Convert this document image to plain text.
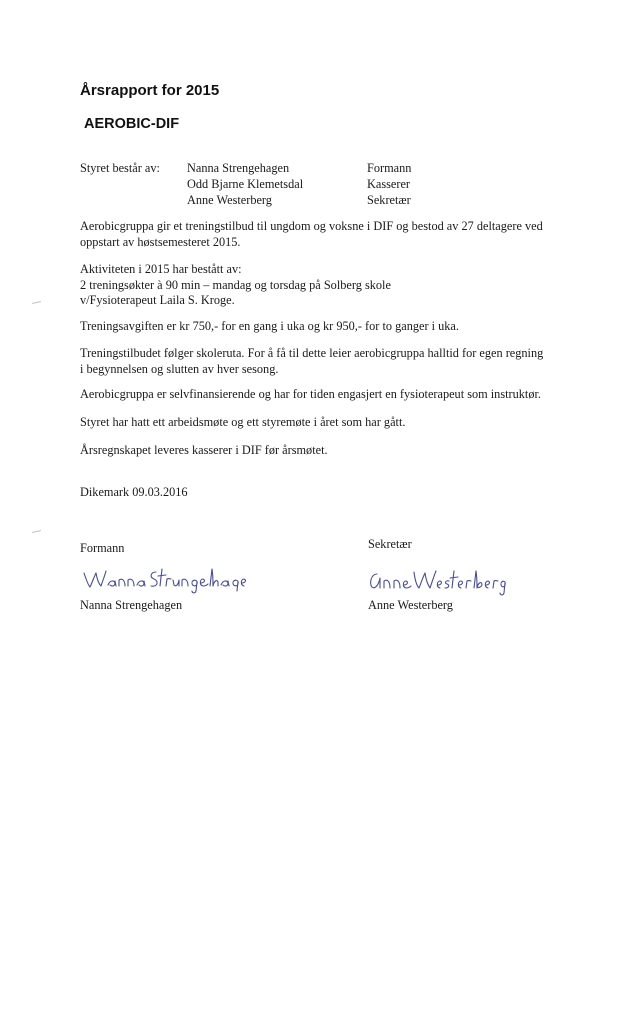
Årsrapport for 2015
AEROBIC-DIF
Styret består av: Nanna Strengehagen	Formann
Odd Bjarne Klemetsdal	Kasserer
Anne Westerberg	Sekretær
Aerobicgruppa gir et treningstilbud til ungdom og voksne i DIF og bestod av 27 deltagere ved
oppstart av høstsemesteret 2015.
Aktiviteten i 2015 har bestått av:
2 treningsøkter à 90 min – mandag og torsdag på Solberg skole
v/Fysioterapeut Laila S. Kroge.
Treningsavgiften er kr 750,- for en gang i uka og kr 950,- for to ganger i uka.
Treningstilbudet følger skoleruta. For å få til dette leier aerobicgruppa halltid for egen regning
i begynnelsen og slutten av hver sesong.
Aerobicgruppa er selvfinansierende og har for tiden engasjert en fysioterapeut som instruktør.
Styret har hatt ett arbeidsmøte og ett styremøte i året som har gått.
Årsregnskapet leveres kasserer i DIF før årsmøtet.
Dikemark 09.03.2016
Formann	Sekretær
Nanna Strengehagen	Anne Westerberg
